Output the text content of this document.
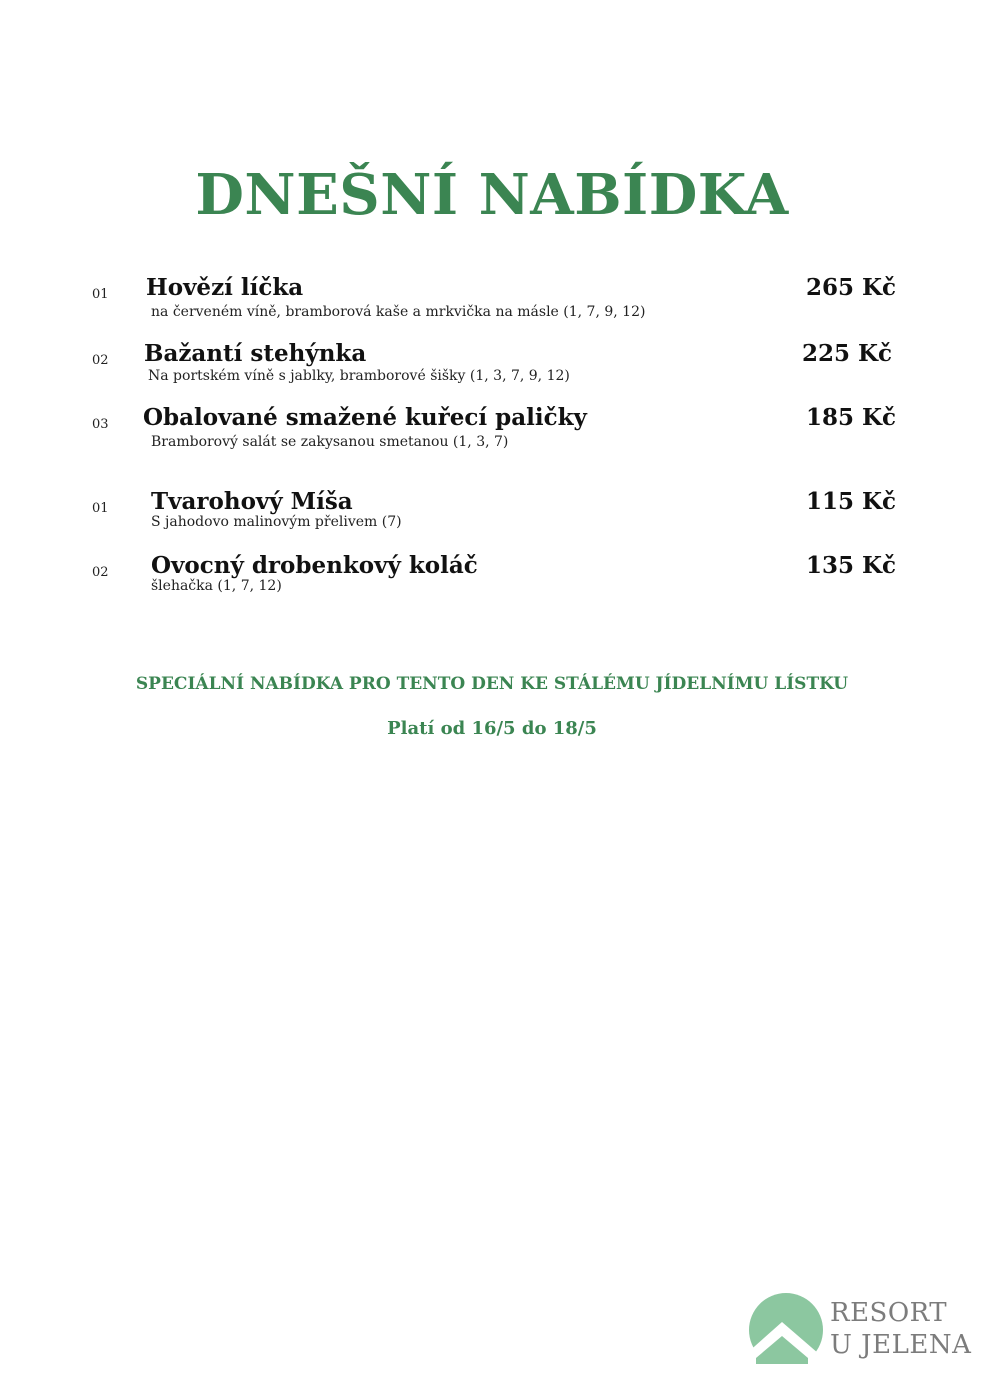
DNEŠNÍ NABÍDKA
01 Hovězí líčka
na červeném víně, bramborová kaše a mrkvička na másle (1, 7, 9, 12)
265 Kč
02 Bažantí stehýnka
Na portském víně s jablky, bramborové šišky (1, 3, 7, 9, 12)
225 Kč
03 Obalované smažené kuřecí paličky
Bramborový salát se zakysanou smetanou (1, 3, 7)
185 Kč
01 Tvarohový Míša
S jahodovo malinovým přelivem (7)
115 Kč
02 Ovocný drobenkový koláč
šlehačka (1, 7, 12)
135 Kč

SPECIÁLNÍ NABÍDKA PRO TENTO DEN KE STÁLÉMU JÍDELNÍMU LÍSTKU

Platí od 16/5 do 18/5

RESORT
U JELENA
